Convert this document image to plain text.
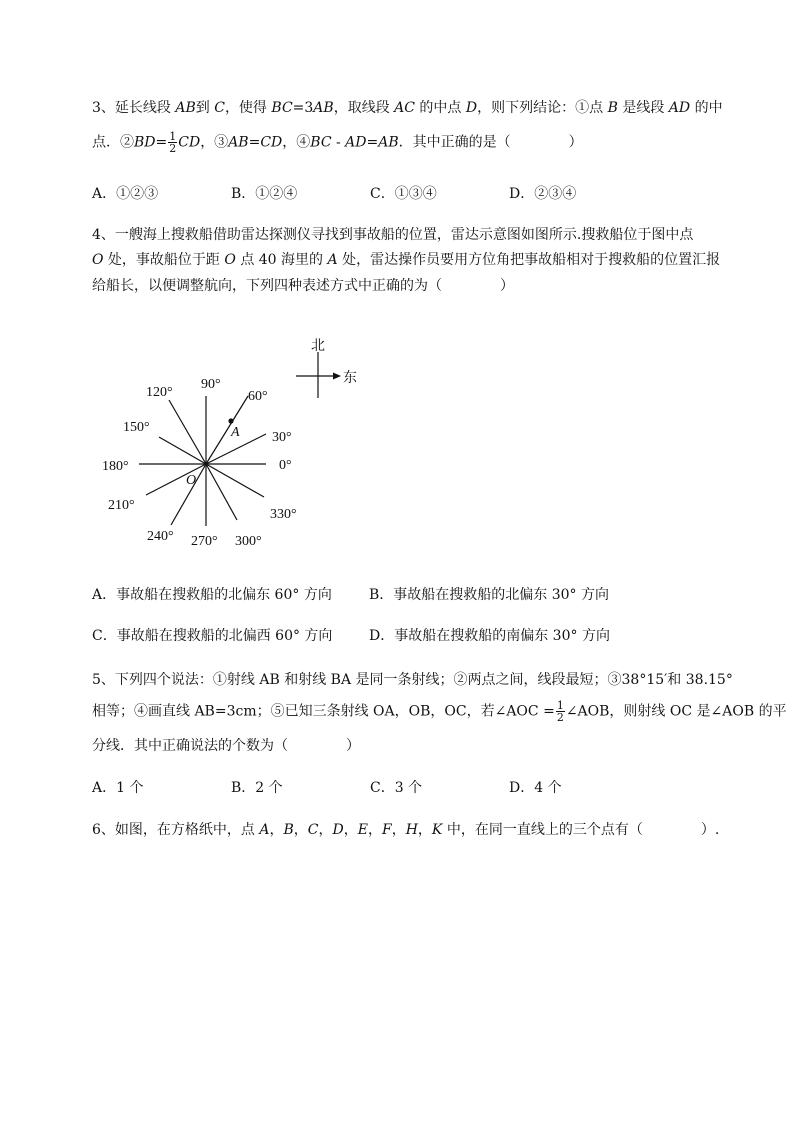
3、延长线段 AB到 C，使得 BC=3AB，取线段 AC 的中点 D，则下列结论：①点 B 是线段 AD 的中
点．②BD= $\frac{1}{2}$ CD，③AB=CD，④BC - AD=AB．其中正确的是（	）
A．①②③	B．①②④	C．①③④	D．②③④
4、一艘海上搜救船借助雷达探测仪寻找到事故船的位置，雷达示意图如图所示.搜救船位于图中点
O 处，事故船位于距 O 点 40 海里的 A 处，雷达操作员要用方位角把事故船相对于搜救船的位置汇报
给船长，以便调整航向，下列四种表述方式中正确的为（	）
北
东
0°
30°
60°
90°
120°
150°
180°
210°
240° 270° 300°
330°
A
O
A．事故船在搜救船的北偏东 60° 方向	B．事故船在搜救船的北偏东 30° 方向
C．事故船在搜救船的北偏西 60° 方向	D．事故船在搜救船的南偏东 30° 方向
5、下列四个说法：①射线 AB 和射线 BA 是同一条射线；②两点之间，线段最短；③38°15′和 38.15°
相等；④画直线 AB=3cm；⑤已知三条射线 OA，OB，OC，若∠AOC = $\frac{1}{2}$ ∠AOB，则射线 OC 是∠AOB 的平
分线．其中正确说法的个数为（	）
A．1 个	B．2 个	C．3 个	D．4 个
6、如图，在方格纸中，点 A，B，C，D，E，F，H，K 中，在同一直线上的三个点有（	）.
